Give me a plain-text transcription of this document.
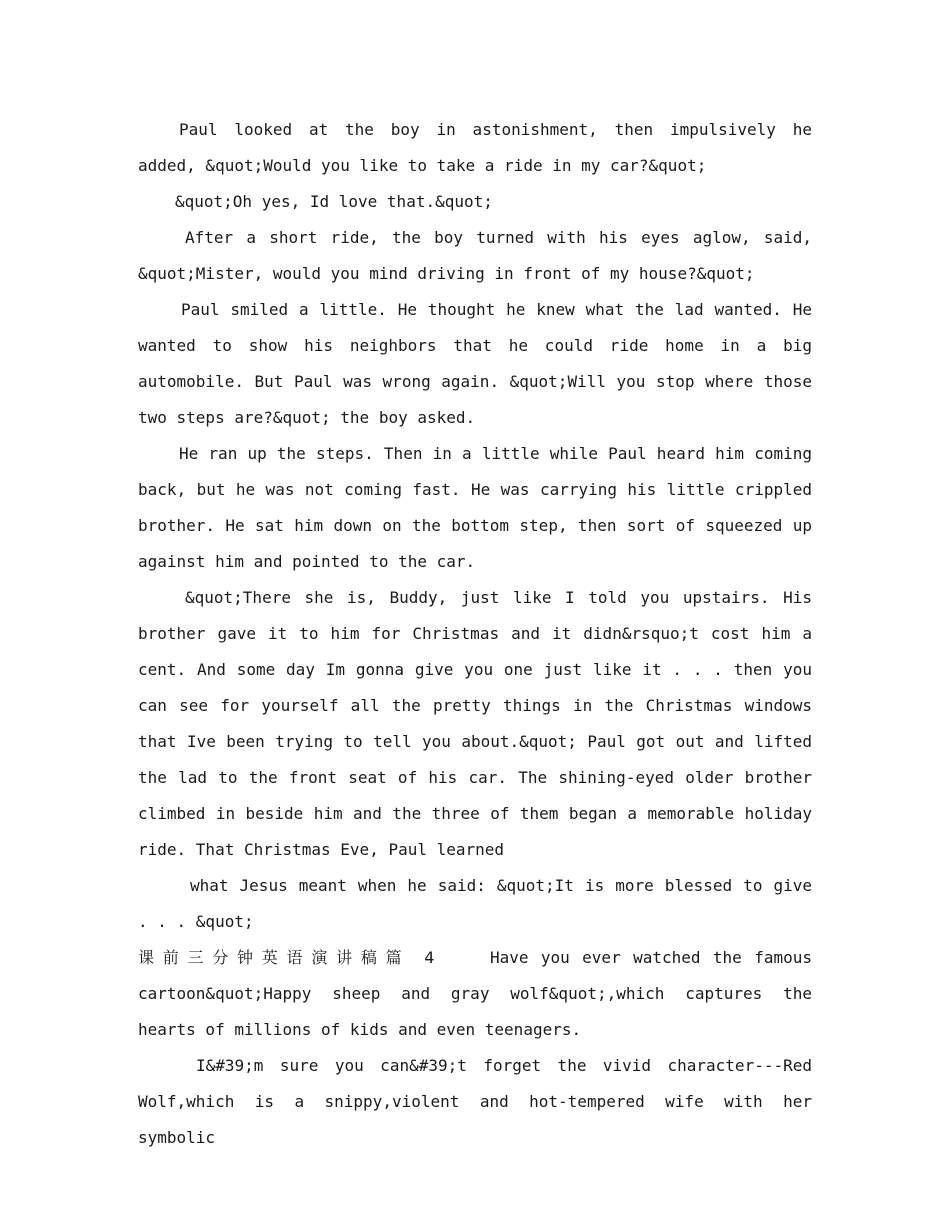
Paul looked at the boy in astonishment, then impulsively he added, &quot;Would you like to take a ride in my car?&quot;

&quot;Oh yes, Id love that.&quot;

After a short ride, the boy turned with his eyes aglow, said, &quot;Mister, would you mind driving in front of my house?&quot;

Paul smiled a little. He thought he knew what the lad wanted. He wanted to show his neighbors that he could ride home in a big automobile. But Paul was wrong again. &quot;Will you stop where those two steps are?&quot; the boy asked.

He ran up the steps. Then in a little while Paul heard him coming back, but he was not coming fast. He was carrying his little crippled brother. He sat him down on the bottom step, then sort of squeezed up against him and pointed to the car.

&quot;There she is, Buddy, just like I told you upstairs. His brother gave it to him for Christmas and it didn&rsquo;t cost him a cent. And some day Im gonna give you one just like it . . . then you can see for yourself all the pretty things in the Christmas windows that Ive been trying to tell you about.&quot; Paul got out and lifted the lad to the front seat of his car. The shining-eyed older brother climbed in beside him and the three of them began a memorable holiday ride. That Christmas Eve, Paul learned

what Jesus meant when he said: &quot;It is more blessed to give . . . &quot;

课前三分钟英语演讲稿篇 4	Have you ever watched the famous cartoon&quot;Happy sheep and gray wolf&quot;,which captures the hearts of millions of kids and even teenagers.

I&#39;m sure you can&#39;t forget the vivid character---Red Wolf,which is a snippy,violent and hot-tempered wife with her symbolic
